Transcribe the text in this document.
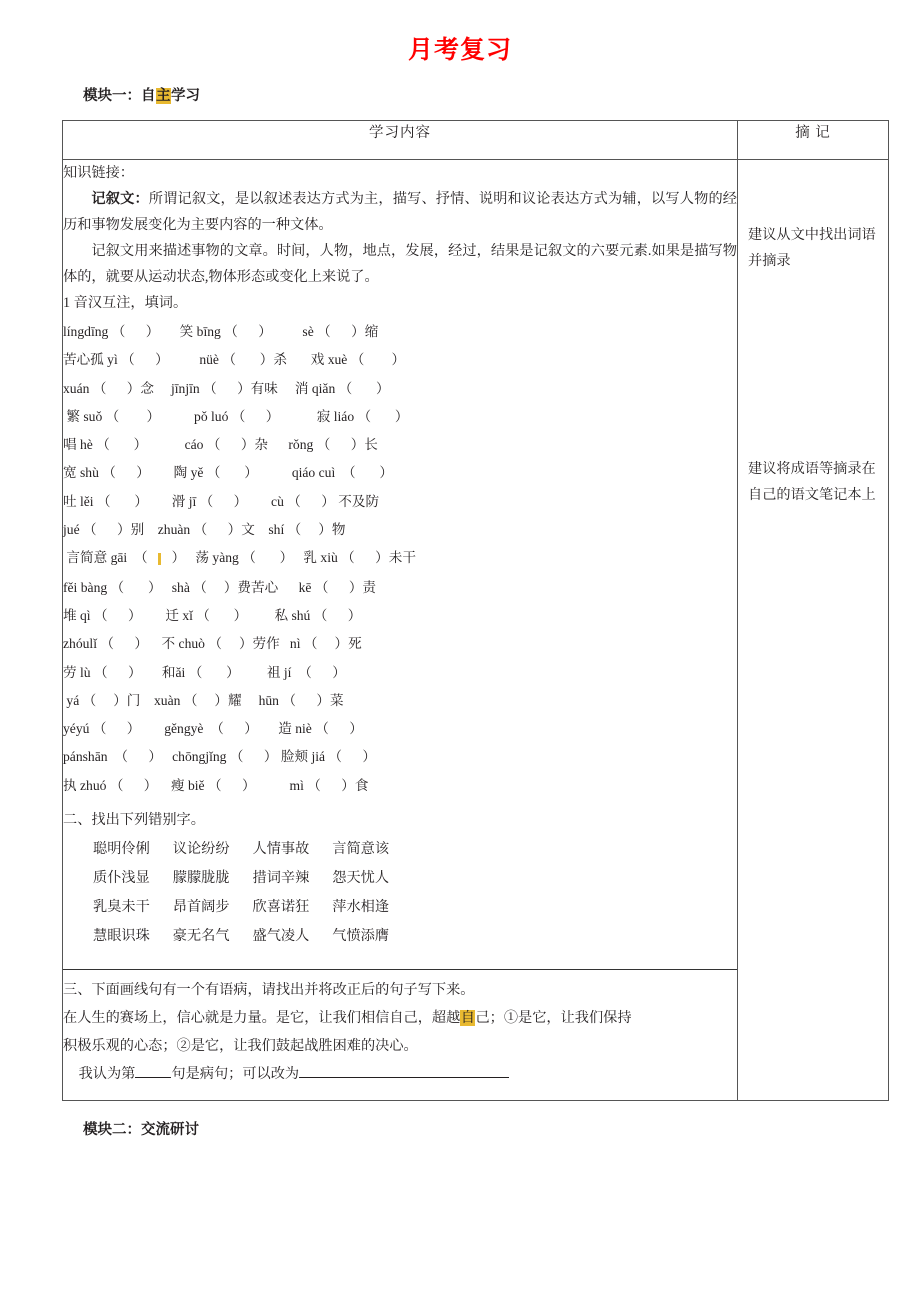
月考复习
模块一：自主学习
学习内容	摘 记

知识链接：

记叙文：所谓记叙文，是以叙述表达方式为主，描写、抒情、说明和议论表达方式为辅，以写人物的经历和事物发展变化为主要内容的一种文体。

记叙文用来描述事物的文章。时间，人物，地点，发展，经过，结果是记叙文的六要元素.如果是描写物体的，就要从运动状态,物体形态或变化上来说了。

1 音汉互注，填词。

língdīng （      ）      笑 bīng （      ）         sè （      ）缩
苦心孤 yì （      ）         nüè （       ）杀       戏 xuè （        ）
xuán （      ）念     jīnjīn （      ）有味     消 qiǎn （       ）
繁 suǒ （        ）          pǒ luó （      ）           寂 liáo （       ）
唱 hè （       ）           cáo （      ）杂      rǒng （      ）长
宽 shù （      ）       陶 yě （       ）          qiáo cuì  （       ）
吐 lěi （       ）       滑 jī （      ）       cù （      ） 不及防
jué （      ）别    zhuàn （      ）文    shí （     ）物
言简意 gāi  （   ·   ）   荡 yàng （       ）   乳 xiù （      ）未干
fěi bàng （       ）   shà （     ）费苦心      kē （      ）责
堆 qì （      ）       迁 xǐ （       ）        私 shú （      ）
zhóulǐ （      ）    不 chuò （     ）劳作   nì （     ）死
劳 lù （      ）      和ǎi （       ）        祖 jí  （      ）
yá （     ）门    xuàn （     ）耀     hūn （      ）菜
yéyú （      ）       gěngyè  （      ）      造 niè （      ）
pánshān  （      ）   chōngjǐng （      ） 脸颊 jiá （      ）
执 zhuó （      ）    瘦 biě （      ）          mì （      ）食

二、找出下列错别字。

聪明伶俐	议论纷纷	人情事故	言简意该
质仆浅显	朦朦胧胧	措词辛辣	怨天忧人
乳臭未干	昂首阔步	欣喜诺狂	萍水相逢
慧眼识珠	豪无名气	盛气凌人	气愤添膺

三、下面画线句有一个有语病，请找出并将改正后的句子写下来。

在人生的赛场上，信心就是力量。是它，让我们相信自己，超越自己；①是它，让我们保持

积极乐观的心态；②是它，让我们鼓起战胜困难的决心。

我认为第	句是病句；可以改为

建议从文中找出词语并摘录
建议将成语等摘录在自己的语文笔记本上
模块二：交流研讨
